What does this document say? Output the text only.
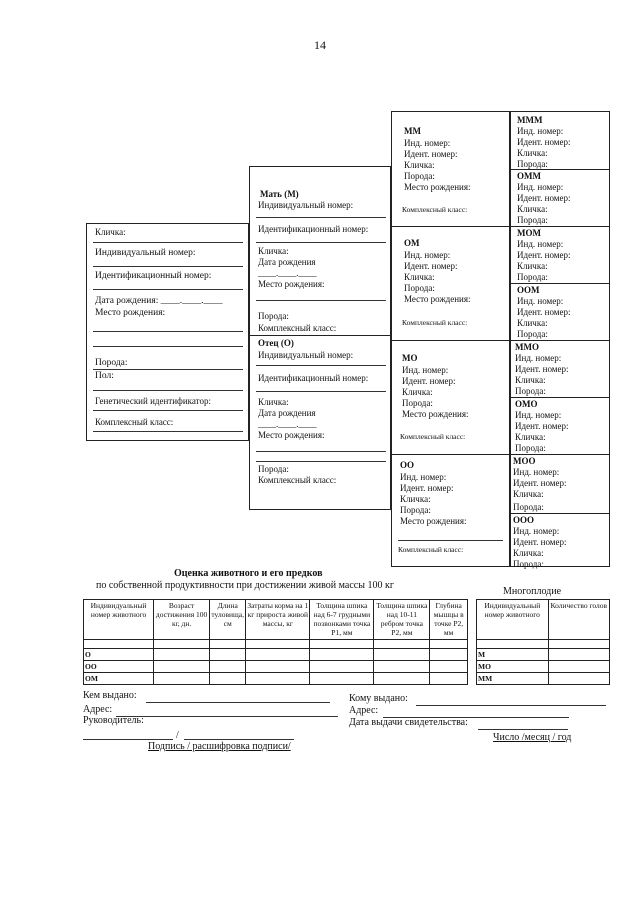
14
Кличка:
Индивидуальный номер:
Идентификационный номер:
Дата рождения: ____.____.____
Место рождения:
Порода:
Пол:
Генетический идентификатор:
Комплексный класс:
Мать (М)
Индивидуальный номер:
Идентификационный номер:
Кличка:
Дата рождения
____.____.____
Место рождения:
Порода:
Комплексный класс:
Отец (О)
Индивидуальный номер:
Идентификационный номер:
Кличка:
Дата рождения
____.____.____
Место рождения:
Порода:
Комплексный класс:
ММ
Инд. номер:
Идент. номер:
Кличка:
Порода:
Место рождения:
Комплексный класс:
ОМ
Инд. номер:
Идент. номер:
Кличка:
Порода:
Место рождения:
Комплексный класс:
МО
Инд. номер:
Идент. номер:
Кличка:
Порода:
Место рождения:
Комплексный класс:
ОО
Инд. номер:
Идент. номер:
Кличка:
Порода:
Место рождения:
Комплексный класс:
МММ
Инд. номер:
Идент. номер:
Кличка:
Порода:
ОММ
Инд. номер:
Идент. номер:
Кличка:
Порода:
МОМ
Инд. номер:
Идент. номер:
Кличка:
Порода:
ООМ
Инд. номер:
Идент. номер:
Кличка:
Порода:
ММО
Инд. номер:
Идент. номер:
Кличка:
Порода:
ОМО
Инд. номер:
Идент. номер:
Кличка:
Порода:
МОО
Инд. номер:
Идент. номер:
Кличка:
Порода:
ООО
Инд. номер:
Идент. номер:
Кличка:
Порода:
Оценка животного и его предков
по собственной продуктивности при достижении живой массы 100 кг
Многоплодие
Индивидуальный номер животного	Возраст достижения 100 кг, дн.	Длина туловища, см	Затраты корма на 1 кг прироста живой массы, кг	Толщина шпика над 6-7 грудными позвонками точка Р1, мм	Толщина шпика над 10-11 ребром точка Р2, мм	Глубина мышцы в точке Р2, мм

О						
ОО						
ОМ						
Индивидуальный номер животного	Количество голов

М	
МО	
ММ	
Кем выдано:
Адрес:
Руководитель:
/
Подпись / расшифровка подписи/
Кому выдано:
Адрес:
Дата выдачи свидетельства:
Число /месяц / год
